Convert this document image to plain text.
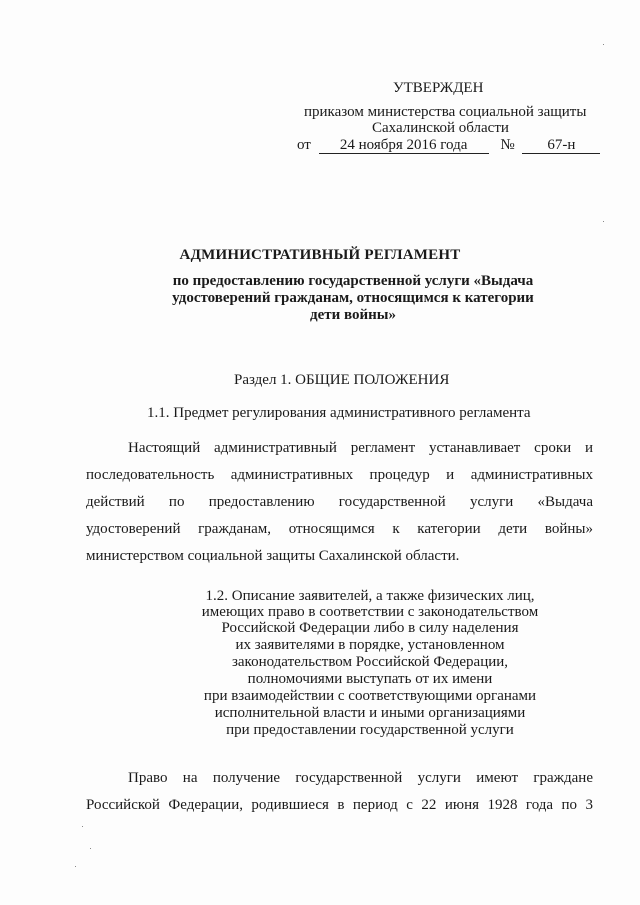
УТВЕРЖДЕН
приказом министерства социальной защиты
Сахалинской области
от 24 ноября 2016 года № 67-н
АДМИНИСТРАТИВНЫЙ РЕГЛАМЕНТ
по предоставлению государственной услуги «Выдача
удостоверений гражданам, относящимся к категории
дети войны»
Раздел 1. ОБЩИЕ ПОЛОЖЕНИЯ
1.1. Предмет регулирования административного регламента
Настоящий административный регламент устанавливает сроки и
последовательность административных процедур и административных
действий по предоставлению государственной услуги «Выдача
удостоверений гражданам, относящимся к категории дети войны»
министерством социальной защиты Сахалинской области.
1.2. Описание заявителей, а также физических лиц,
имеющих право в соответствии с законодательством
Российской Федерации либо в силу наделения
их заявителями в порядке, установленном
законодательством Российской Федерации,
полномочиями выступать от их имени
при взаимодействии с соответствующими органами
исполнительной власти и иными организациями
при предоставлении государственной услуги
Право на получение государственной услуги имеют граждане
Российской Федерации, родившиеся в период с 22 июня 1928 года по 3
